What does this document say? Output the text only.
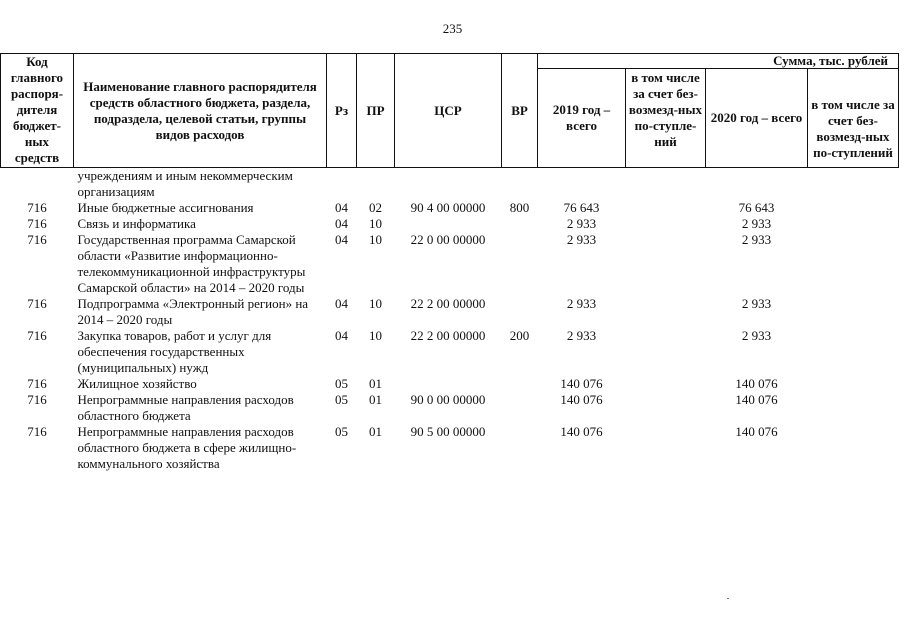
235
Код главного распоря-дителя бюджет-ных средств	Наименование главного распорядителя средств областного бюджета, раздела, подраздела, целевой статьи, группы видов расходов	Рз	ПР	ЦСР	ВР	Сумма, тыс. рублей			
						2019 год – всего	в том числе за счет без-возмезд-ных по-ступле-ний	2020 год – всего	в том числе за счет без-возмезд-ных по-ступлений
	учреждениям и иным некоммерческим организациям								
716	Иные бюджетные ассигнования	04	02	90 4 00 00000	800	76 643		76 643	
716	Связь и информатика	04	10			2 933		2 933	
716	Государственная программа Самарской области «Развитие информационно-телекоммуникационной инфраструктуры Самарской области» на 2014 – 2020 годы	04	10	22 0 00 00000		2 933		2 933	
716	Подпрограмма «Электронный регион» на 2014 – 2020 годы	04	10	22 2 00 00000		2 933		2 933	
716	Закупка товаров, работ и услуг для обеспечения государственных (муниципальных) нужд	04	10	22 2 00 00000	200	2 933		2 933	
716	Жилищное хозяйство	05	01			140 076		140 076	
716	Непрограммные направления расходов областного бюджета	05	01	90 0 00 00000		140 076		140 076	
716	Непрограммные направления расходов областного бюджета в сфере жилищно-коммунального хозяйства	05	01	90 5 00 00000		140 076		140 076	
